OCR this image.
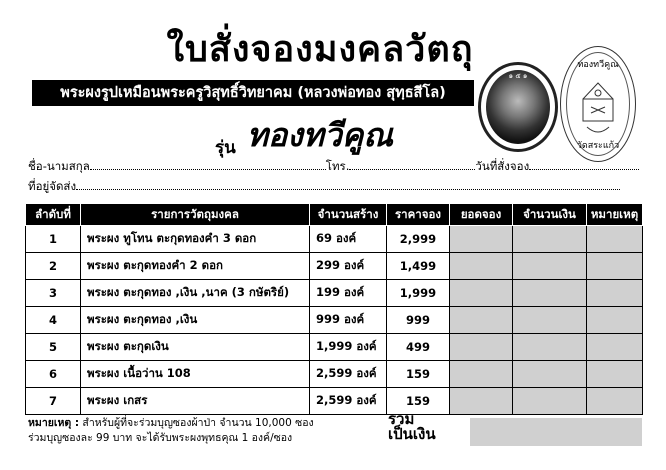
ใบสั่งจองมงคลวัตถุ
พระผงรูปเหมือนพระครูวิสุทธิ์วิทยาคม (หลวงพ่อทอง สุทฺธสีโล)
รุ่น ทองทวีคูณ
๑ ๕ ๑
ทองทวีคูณ
วัดสระแก้ว
ชื่อ-นามสกุล	โทร.	วันที่สั่งจอง
ที่อยู่จัดส่ง
ลำดับที่	รายการวัตถุมงคล	จำนวนสร้าง	ราคาจอง	ยอดจอง	จำนวนเงิน	หมายเหตุ
1	พระผง ทูโทน ตะกุดทองคำ 3 ดอก	69 องค์	2,999			
2	พระผง ตะกุดทองคำ 2 ดอก	299 องค์	1,499			
3	พระผง ตะกุดทอง ,เงิน ,นาค (3 กษัตริย์)	199 องค์	1,999			
4	พระผง ตะกุดทอง ,เงิน	999 องค์	999			
5	พระผง ตะกุดเงิน	1,999 องค์	499			
6	พระผง เนื้อว่าน 108	2,599 องค์	159			
7	พระผง เกสร	2,599 องค์	159			
หมายเหตุ : สำหรับผู้ที่จะร่วมบุญซองผ้าป่า จำนวน 10,000 ซอง
ร่วมบุญซองละ 99 บาท จะได้รับพระผงพุทธคุณ 1 องค์/ซอง
รวม
เป็นเงิน
